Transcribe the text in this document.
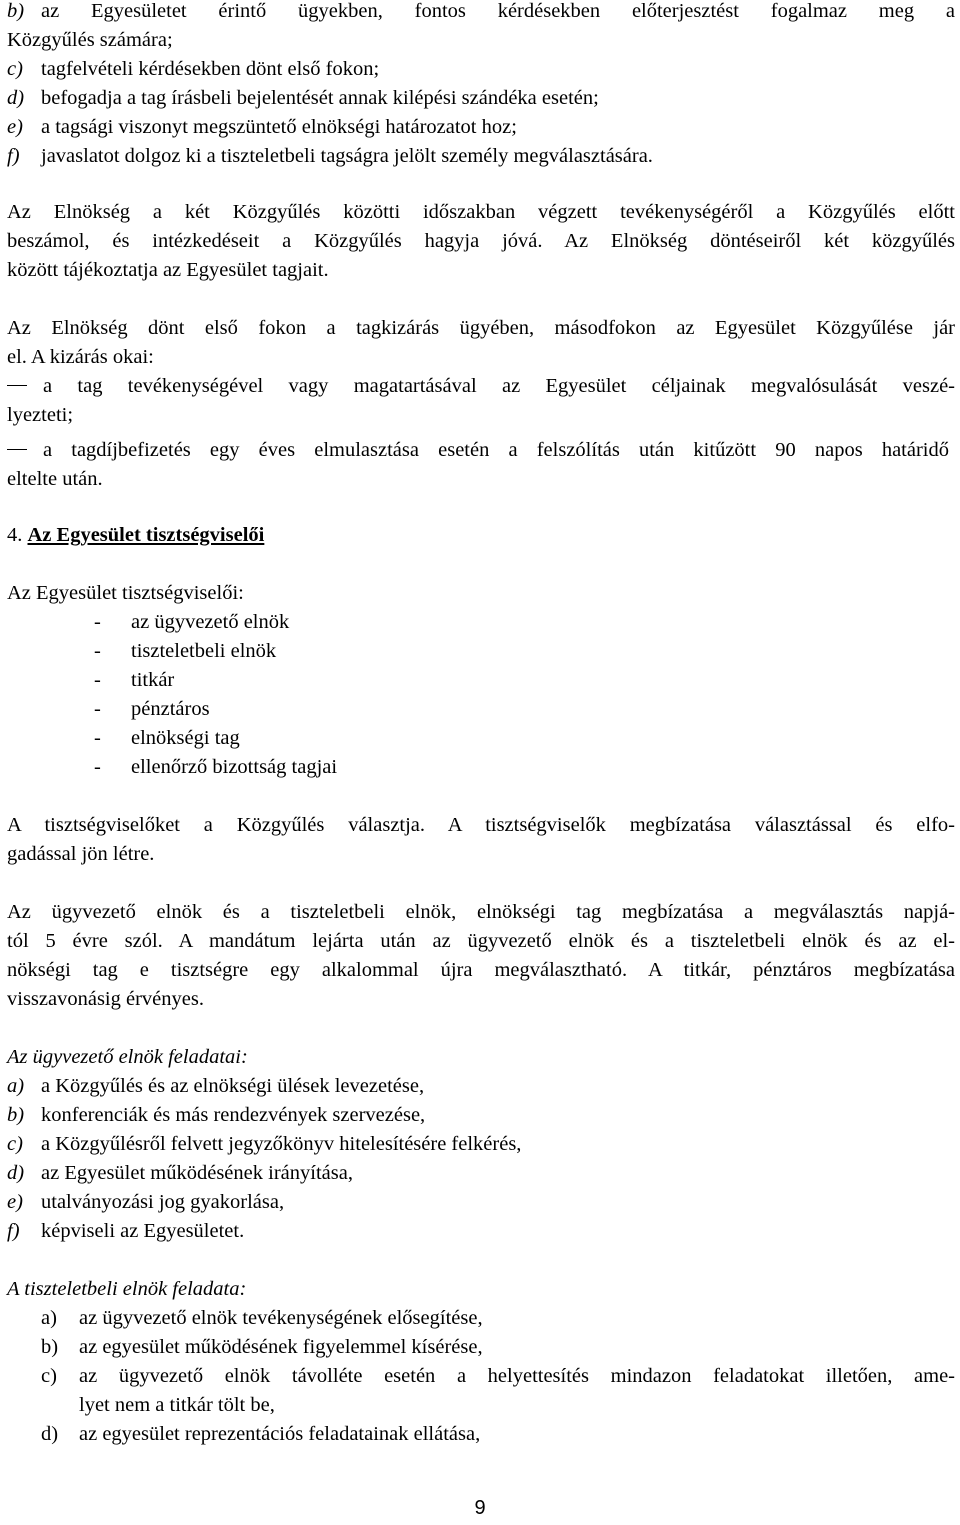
b) az Egyesületet érintő ügyekben, fontos kérdésekben előterjesztést fogalmaz meg a
Közgyűlés számára;
c) tagfelvételi kérdésekben dönt első fokon;
d) befogadja a tag írásbeli bejelentését annak kilépési szándéka esetén;
e) a tagsági viszonyt megszüntető elnökségi határozatot hoz;
f) javaslatot dolgoz ki a tiszteletbeli tagságra jelölt személy megválasztására.
Az Elnökség a két Közgyűlés közötti időszakban végzett tevékenységéről a Közgyűlés előtt
beszámol, és intézkedéseit a Közgyűlés hagyja jóvá. Az Elnökség döntéseiről két közgyűlés
között tájékoztatja az Egyesület tagjait.
Az Elnökség dönt első fokon a tagkizárás ügyében, másodfokon az Egyesület Közgyűlése jár
el. A kizárás okai:
a tag tevékenységével vagy magatartásával az Egyesület céljainak megvalósulását veszé-
lyezteti;
a tagdíjbefizetés egy éves elmulasztása esetén a felszólítás után kitűzött 90 napos határidő
eltelte után.
4. Az Egyesület tisztségviselői
Az Egyesület tisztségviselői:
- az ügyvezető elnök
- tiszteletbeli elnök
- titkár
- pénztáros
- elnökségi tag
- ellenőrző bizottság tagjai
A tisztségviselőket a Közgyűlés választja. A tisztségviselők megbízatása választással és elfo-
gadással jön létre.
Az ügyvezető elnök és a tiszteletbeli elnök, elnökségi tag megbízatása a megválasztás napjá-
tól 5 évre szól. A mandátum lejárta után az ügyvezető elnök és a tiszteletbeli elnök és az el-
nökségi tag e tisztségre egy alkalommal újra megválasztható. A titkár, pénztáros megbízatása
visszavonásig érvényes.
Az ügyvezető elnök feladatai:
a) a Közgyűlés és az elnökségi ülések levezetése,
b) konferenciák és más rendezvények szervezése,
c) a Közgyűlésről felvett jegyzőkönyv hitelesítésére felkérés,
d) az Egyesület működésének irányítása,
e) utalványozási jog gyakorlása,
f) képviseli az Egyesületet.
A tiszteletbeli elnök feladata:
a) az ügyvezető elnök tevékenységének elősegítése,
b) az egyesület működésének figyelemmel kísérése,
c) az ügyvezető elnök távolléte esetén a helyettesítés mindazon feladatokat illetően, ame-
lyet nem a titkár tölt be,
d) az egyesület reprezentációs feladatainak ellátása,
9
